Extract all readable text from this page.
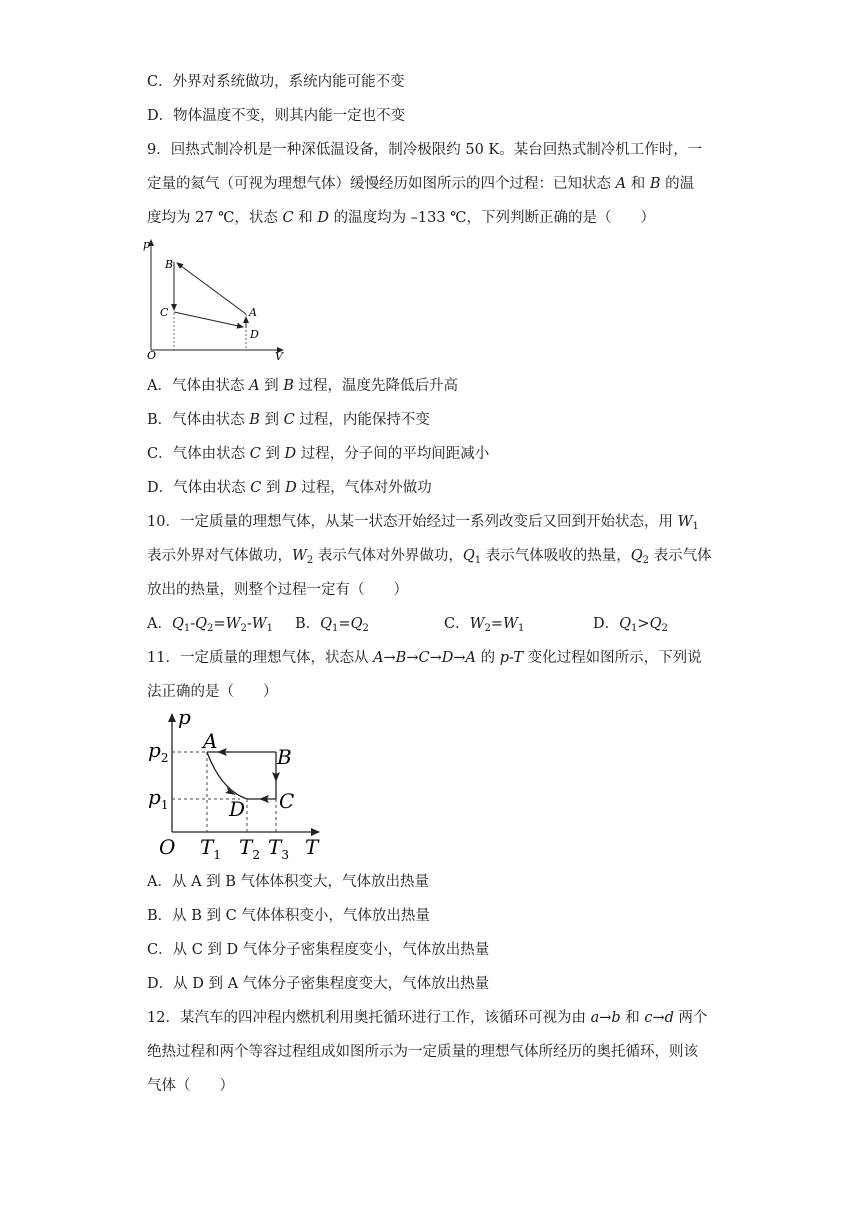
C．外界对系统做功，系统内能可能不变
D．物体温度不变，则其内能一定也不变
9．回热式制冷机是一种深低温设备，制冷极限约 50 K。某台回热式制冷机工作时，一
定量的氦气（可视为理想气体）缓慢经历如图所示的四个过程：已知状态 A 和 B 的温
度均为 27 ℃，状态 C 和 D 的温度均为 –133 ℃，下列判断正确的是（　　）
p
V
O
B
C	A
D
A．气体由状态 A 到 B 过程，温度先降低后升高
B．气体由状态 B 到 C 过程，内能保持不变
C．气体由状态 C 到 D 过程，分子间的平均间距减小
D．气体由状态 C 到 D 过程，气体对外做功
10．一定质量的理想气体，从某一状态开始经过一系列改变后又回到开始状态，用 $W_1$
表示外界对气体做功，$W_2$ 表示气体对外界做功，$Q_1$ 表示气体吸收的热量，$Q_2$ 表示气体
放出的热量，则整个过程一定有（　　）
A．$Q_1-Q_2=W_2-W_1$ B．$Q_1=Q_2$	C．$W_2=W_1$	D．$Q_1>Q_2$
11．一定质量的理想气体，状态从 A→B→C→D→A 的 p-T 变化过程如图所示，下列说
法正确的是（　　）
p
T
O
A
B
C
D
$p_2$
$p_1$
$T_1$ $T_2$ $T_3$
A．从 A 到 B 气体体积变大，气体放出热量
B．从 B 到 C 气体体积变小，气体放出热量
C．从 C 到 D 气体分子密集程度变小，气体放出热量
D．从 D 到 A 气体分子密集程度变大，气体放出热量
12．某汽车的四冲程内燃机利用奥托循环进行工作，该循环可视为由 a→b 和 c→d 两个
绝热过程和两个等容过程组成如图所示为一定质量的理想气体所经历的奥托循环，则该
气体（　　）
